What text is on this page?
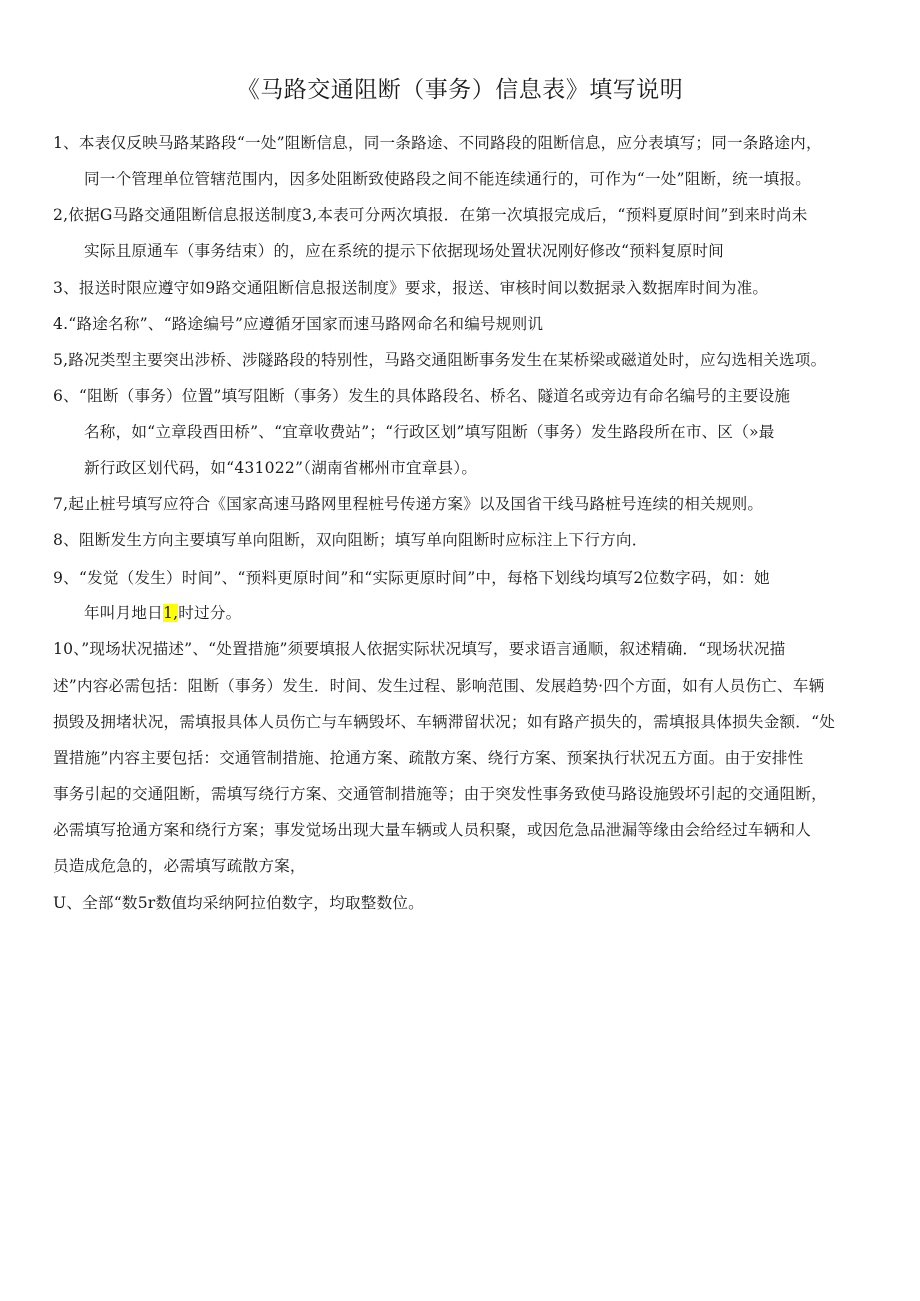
《马路交通阻断（事务）信息表》填写说明
1、本表仅反映马路某路段“一处”阻断信息，同一条路途、不同路段的阻断信息，应分表填写；同一条路途内，
同一个管理单位管辖范围内，因多处阻断致使路段之间不能连续通行的，可作为“一处”阻断，统一填报。
2,依据G马路交通阻断信息报送制度3,本表可分两次填报．在第一次填报完成后，“预料夏原时间”到来时尚未
实际且原通车（事务结束）的，应在系统的提示下依据现场处置状况刚好修改“预料复原时间
3、报送时限应遵守如9路交通阻断信息报送制度》要求，报送、审核时间以数据录入数据库时间为准。
4.“路途名称”、“路途编号”应遵循牙国家而速马路网命名和编号规则讥
5,路况类型主要突出涉桥、涉隧路段的特别性，马路交通阻断事务发生在某桥梁或磁道处时，应勾选相关选项。
6、“阻断（事务）位置”填写阻断（事务）发生的具体路段名、桥名、隧道名或旁边有命名编号的主要设施
名称，如“立章段酉田桥”、“宜章收费站”；“行政区划”填写阻断（事务）发生路段所在市、区（»最
新行政区划代码，如“431022”（湖南省郴州市宜章县）。
7,起止桩号填写应符合《国家高速马路网里程桩号传递方案》以及国省干线马路桩号连续的相关规则。
8、阻断发生方向主要填写单向阻断，双向阻断；填写单向阻断时应标注上下行方向．
9、“发觉（发生）时间”、“预料更原时间”和“实际更原时间”中，每格下划线均填写2位数字码，如：她
年叫月地日1,时过分。
10、”现场状况描述”、“处置措施”须要填报人依据实际状况填写，要求语言通顺，叙述精确．“现场状况描
述”内容必需包括：阻断（事务）发生．时间、发生过程、影响范围、发展趋势·四个方面，如有人员伤亡、车辆
损毁及拥堵状况，需填报具体人员伤亡与车辆毁坏、车辆滞留状况；如有路产损失的，需填报具体损失金额．“处
置措施”内容主要包括：交通管制措施、抢通方案、疏散方案、绕行方案、预案执行状况五方面。由于安排性
事务引起的交通阻断，需填写绕行方案、交通管制措施等；由于突发性事务致使马路设施毁坏引起的交通阻断，
必需填写抢通方案和绕行方案；事发觉场出现大量车辆或人员积聚，或因危急品泄漏等缘由会给经过车辆和人
员造成危急的，必需填写疏散方案，
U、全部“数5r数值均采纳阿拉伯数字，均取整数位。
